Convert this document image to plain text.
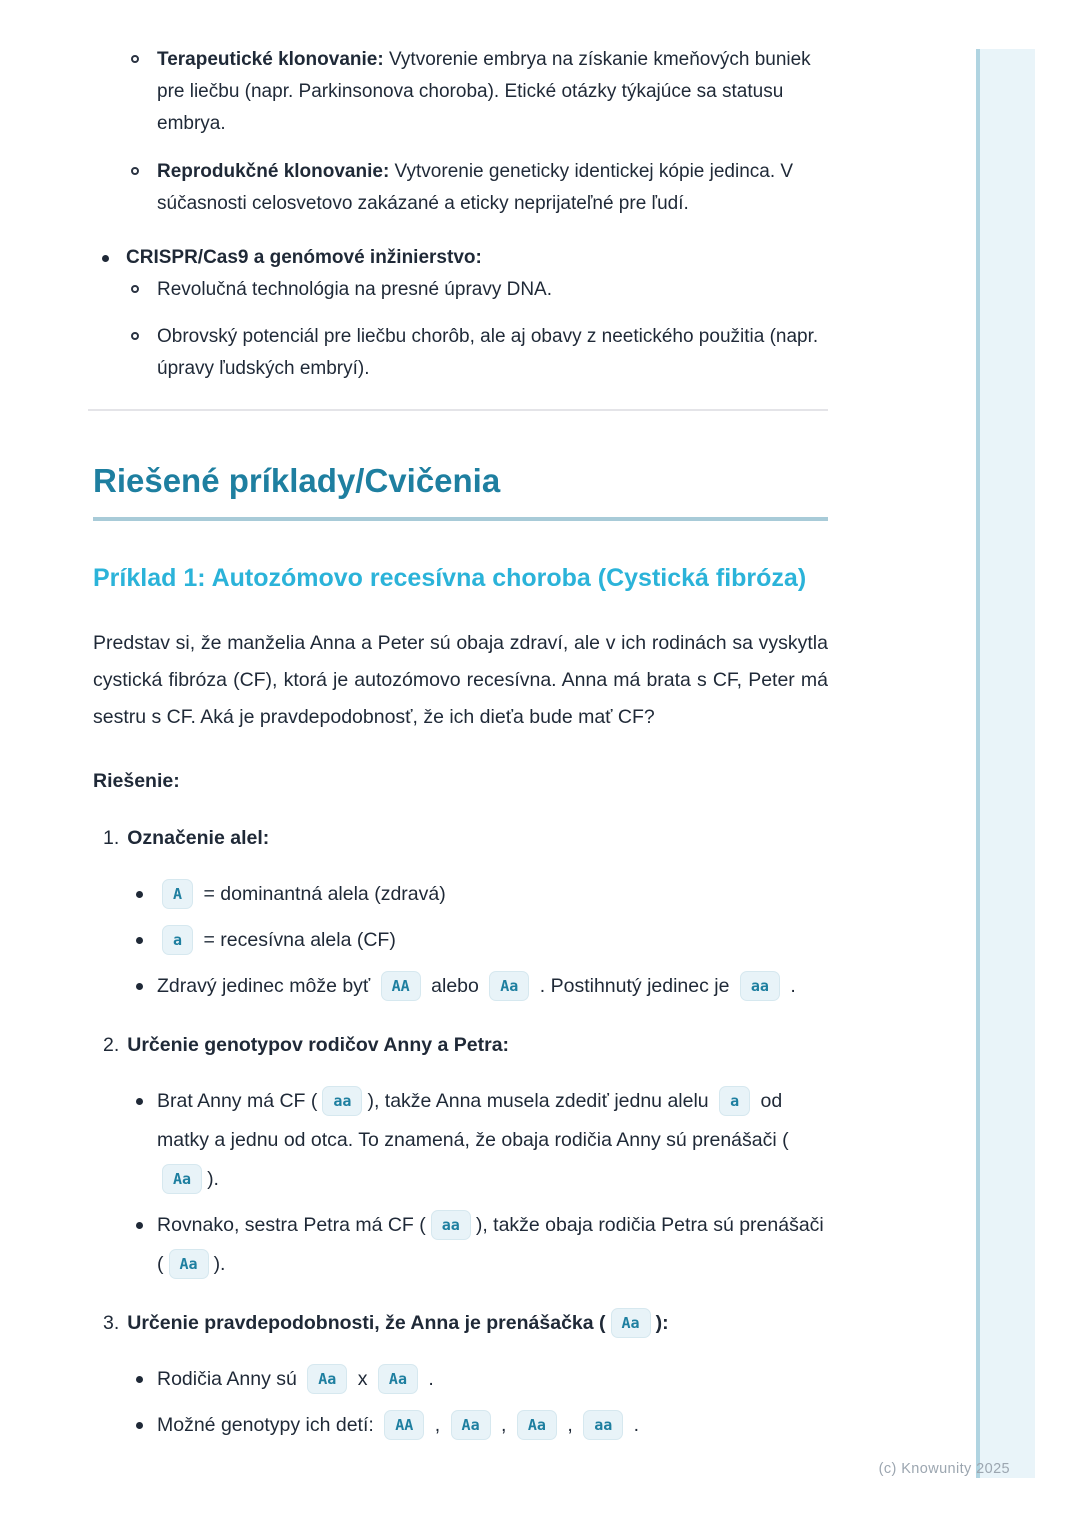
Terapeutické klonovanie: Vytvorenie embrya na získanie kmeňových buniek pre liečbu (napr. Parkinsonova choroba). Etické otázky týkajúce sa statusu embrya.
Reprodukčné klonovanie: Vytvorenie geneticky identickej kópie jedinca. V súčasnosti celosvetovo zakázané a eticky neprijateľné pre ľudí.
CRISPR/Cas9 a genómové inžinierstvo:
Revolučná technológia na presné úpravy DNA.
Obrovský potenciál pre liečbu chorôb, ale aj obavy z neetického použitia (napr. úpravy ľudských embryí).
Riešené príklady/Cvičenia
Príklad 1: Autozómovo recesívna choroba (Cystická fibróza)

Predstav si, že manželia Anna a Peter sú obaja zdraví, ale v ich rodinách sa vyskytla cystická fibróza (CF), ktorá je autozómovo recesívna. Anna má brata s CF, Peter má sestru s CF. Aká je pravdepodobnosť, že ich dieťa bude mať CF?

Riešenie:

1. Označenie alel:
A = dominantná alela (zdravá)
a = recesívna alela (CF)
Zdravý jedinec môže byť AA alebo Aa . Postihnutý jedinec je aa .
2. Určenie genotypov rodičov Anny a Petra:
Brat Anny má CF ( aa ), takže Anna musela zdediť jednu alelu a od matky a jednu od otca. To znamená, že obaja rodičia Anny sú prenášači (Aa ).
Rovnako, sestra Petra má CF ( aa ), takže obaja rodičia Petra sú prenášači ( Aa ).
3. Určenie pravdepodobnosti, že Anna je prenášačka ( Aa ):
Rodičia Anny sú Aa x Aa .
Možné genotypy ich detí: AA , Aa , Aa , aa .
(c) Knowunity 2025
